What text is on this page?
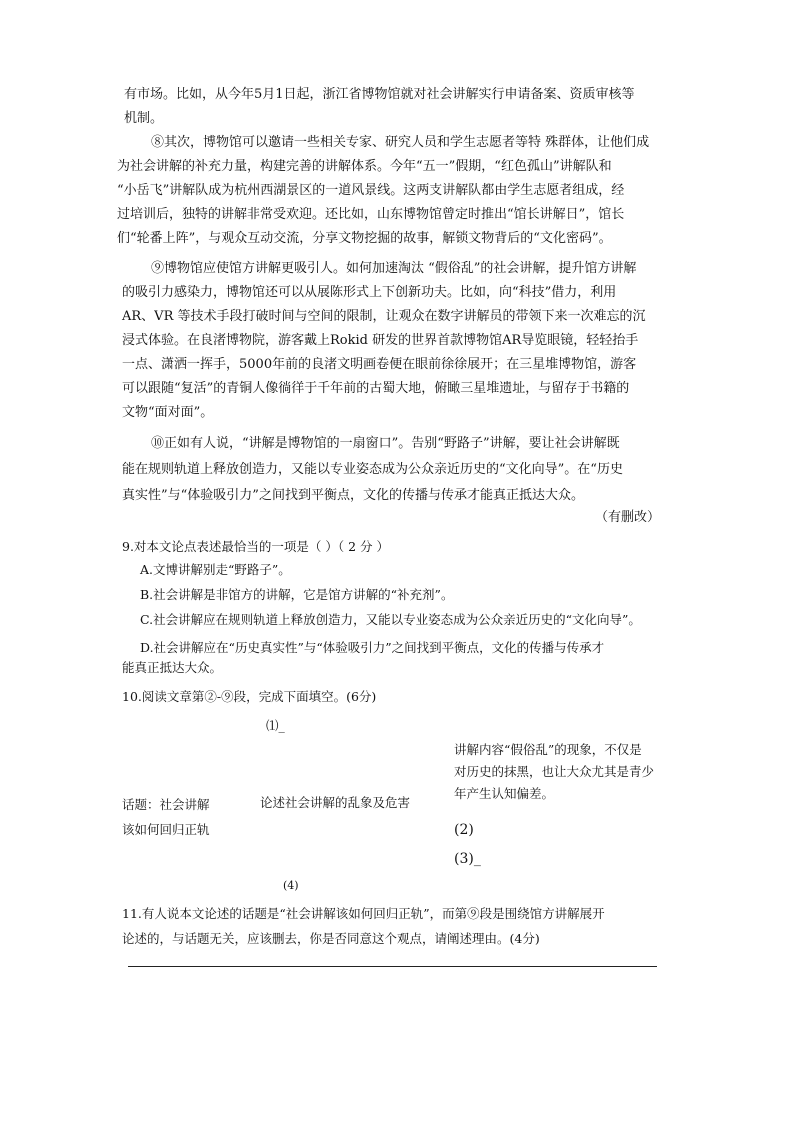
有市场。比如，从今年5月1日起，浙江省博物馆就对社会讲解实行申请备案、资质审核等
机制。
⑧其次，博物馆可以邀请一些相关专家、研究人员和学生志愿者等特 殊群体，让他们成
为社会讲解的补充力量，构建完善的讲解体系。今年“五一”假期，“红色孤山”讲解队和
“小岳飞”讲解队成为杭州西湖景区的一道风景线。这两支讲解队都由学生志愿者组成，经
过培训后，独特的讲解非常受欢迎。还比如，山东博物馆曾定时推出“馆长讲解日”，馆长
们“轮番上阵”，与观众互动交流，分享文物挖掘的故事，解锁文物背后的“文化密码”。
⑨博物馆应使馆方讲解更吸引人。如何加速淘汰 “假俗乱”的社会讲解，提升馆方讲解
的吸引力感染力，博物馆还可以从展陈形式上下创新功夫。比如，向“科技”借力，利用
AR、VR 等技术手段打破时间与空间的限制，让观众在数字讲解员的带领下来一次难忘的沉
浸式体验。在良渚博物院，游客戴上Rokid 研发的世界首款博物馆AR导览眼镜，轻轻抬手
一点、潇洒一挥手，5000年前的良渚文明画卷便在眼前徐徐展开；在三星堆博物馆，游客
可以跟随“复活”的青铜人像徜徉于千年前的古蜀大地，俯瞰三星堆遗址，与留存于书籍的
文物“面对面”。
⑩正如有人说，“讲解是博物馆的一扇窗口”。告别“野路子”讲解，要让社会讲解既
能在规则轨道上释放创造力，又能以专业姿态成为公众亲近历史的“文化向导”。在“历史
真实性”与“体验吸引力”之间找到平衡点，文化的传播与传承才能真正抵达大众。
（有删改）
9.对本文论点表述最恰当的一项是（ ）（ 2 分 ）
A.文博讲解别走“野路子”。
B.社会讲解是非馆方的讲解，它是馆方讲解的“补充剂”。
C.社会讲解应在规则轨道上释放创造力，又能以专业姿态成为公众亲近历史的“文化向导”。
D.社会讲解应在“历史真实性”与“体验吸引力”之间找到平衡点，文化的传播与传承才
能真正抵达大众。
10.阅读文章第②-⑨段，完成下面填空。(6分)
⑴_
讲解内容“假俗乱”的现象，不仅是
对历史的抹黑，也让大众尤其是青少
年产生认知偏差。
话题：社会讲解	论述社会讲解的乱象及危害
该如何回归正轨	(2)
(3)_
(4)
11.有人说本文论述的话题是“社会讲解该如何回归正轨”，而第⑨段是围绕馆方讲解展开
论述的，与话题无关，应该删去，你是否同意这个观点，请阐述理由。(4分)
